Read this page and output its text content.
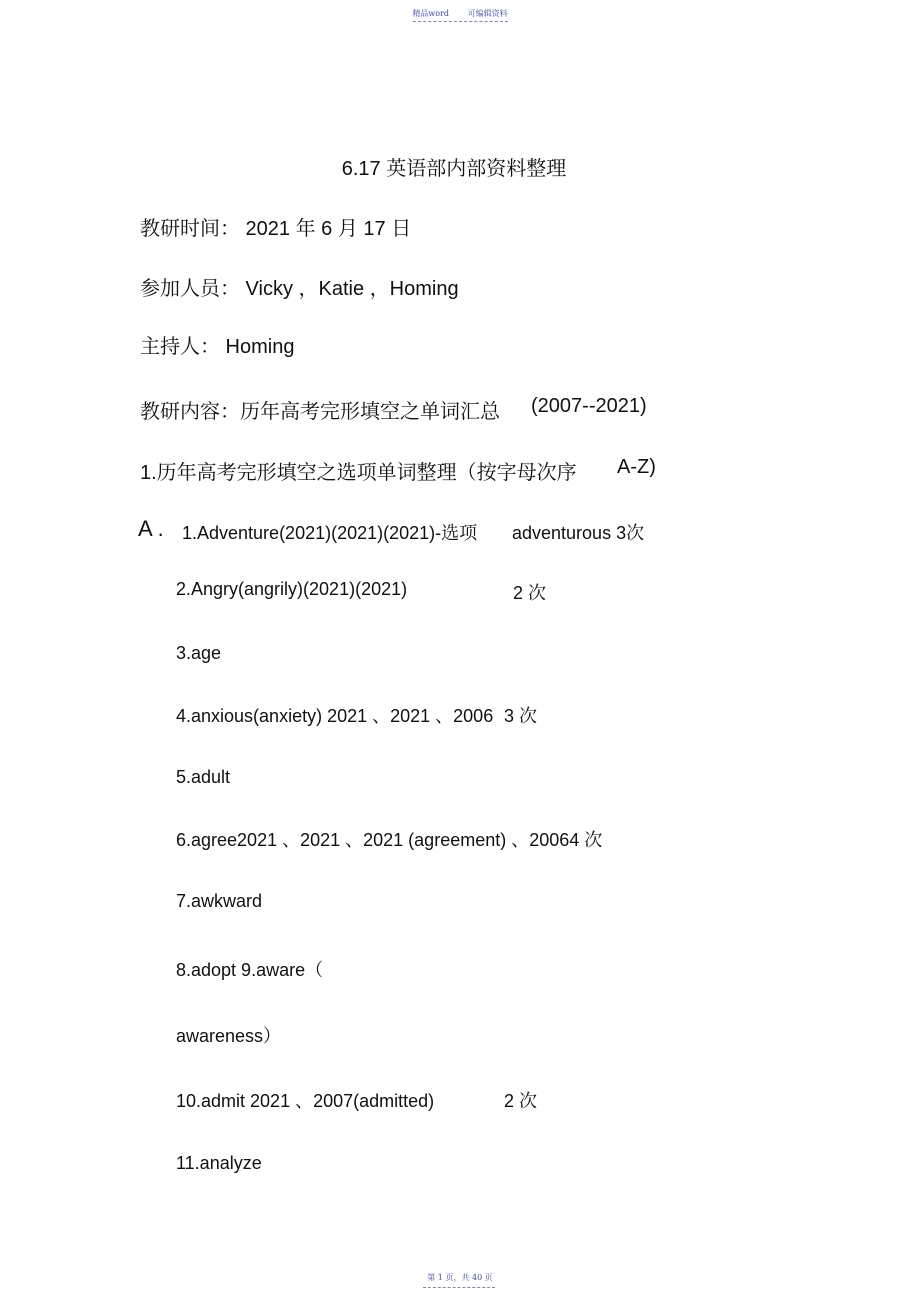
精品word 可编辑资料
6.17 英语部内部资料整理
教研时间： 2021 年 6 月 17 日
参加人员： Vicky ，Katie ，Homing
主持人： Homing
教研内容：历年高考完形填空之单词汇总 (2007--2021)
1.历年高考完形填空之选项单词整理（按字母次序 A-Z)
A . 1.Adventure(2021)(2021)(2021)-选项 adventurous 3次
2.Angry(angrily)(2021)(2021)	2 次
3.age
4.anxious(anxiety) 2021 、2021 、2006 3 次
5.adult
6.agree2021 、2021 、2021 (agreement) 、20064 次
7.awkward
8.adopt 9.aware（
awareness）
10.admit 2021 、2007(admitted)	2 次
11.analyze
第 1 页，共 40 页
